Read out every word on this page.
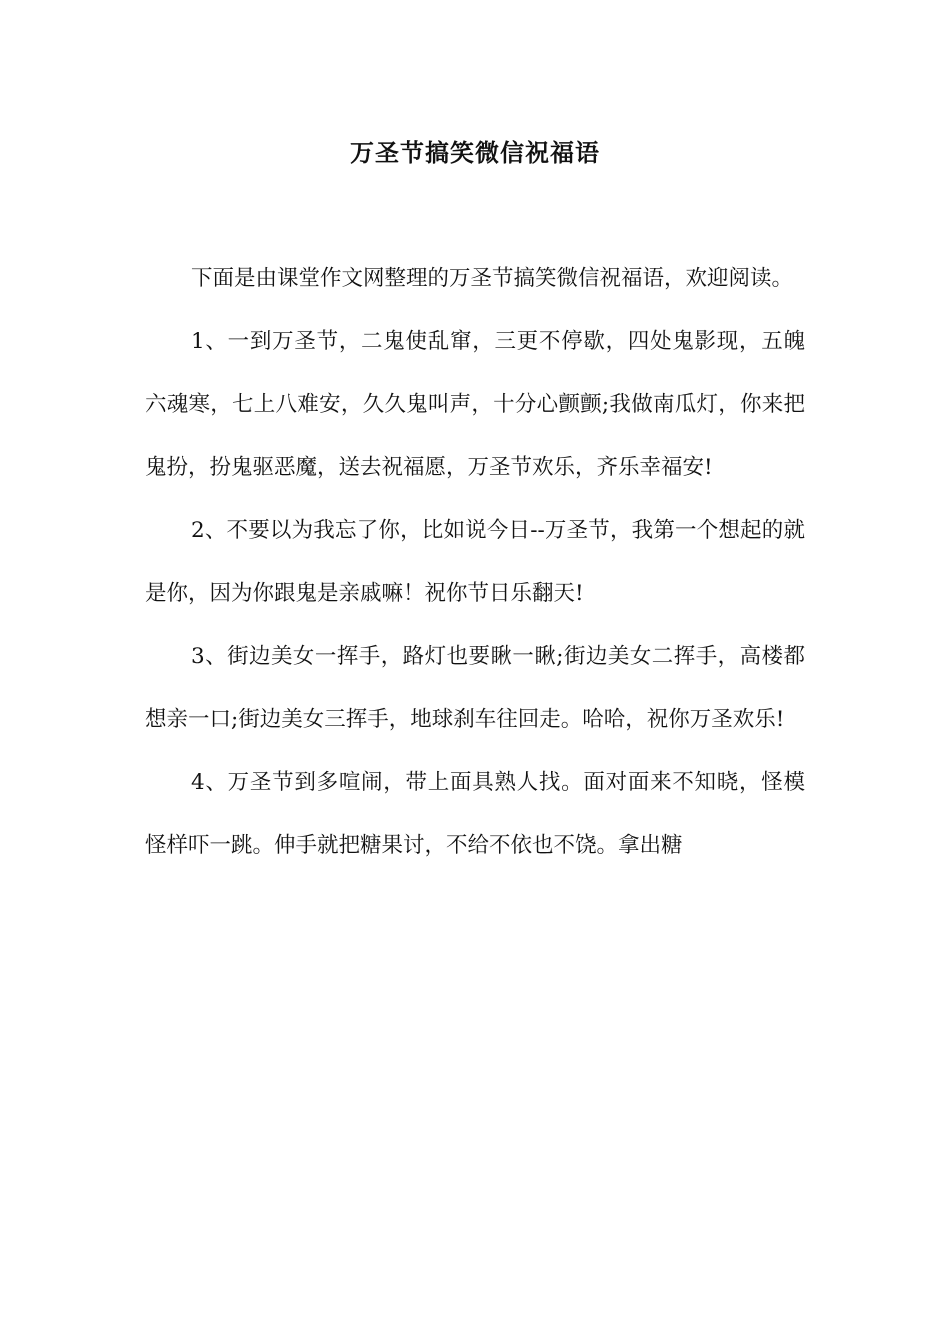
万圣节搞笑微信祝福语

下面是由课堂作文网整理的万圣节搞笑微信祝福语，欢迎阅读。

1、一到万圣节，二鬼使乱窜，三更不停歇，四处鬼影现，五魄六魂寒，七上八难安，久久鬼叫声，十分心颤颤;我做南瓜灯，你来把鬼扮，扮鬼驱恶魔，送去祝福愿，万圣节欢乐，齐乐幸福安!

2、不要以为我忘了你，比如说今日--万圣节，我第一个想起的就是你，因为你跟鬼是亲戚嘛！祝你节日乐翻天!

3、街边美女一挥手，路灯也要瞅一瞅;街边美女二挥手，高楼都想亲一口;街边美女三挥手，地球刹车往回走。哈哈，祝你万圣欢乐!

4、万圣节到多喧闹，带上面具熟人找。面对面来不知晓，怪模怪样吓一跳。伸手就把糖果讨，不给不依也不饶。拿出糖
